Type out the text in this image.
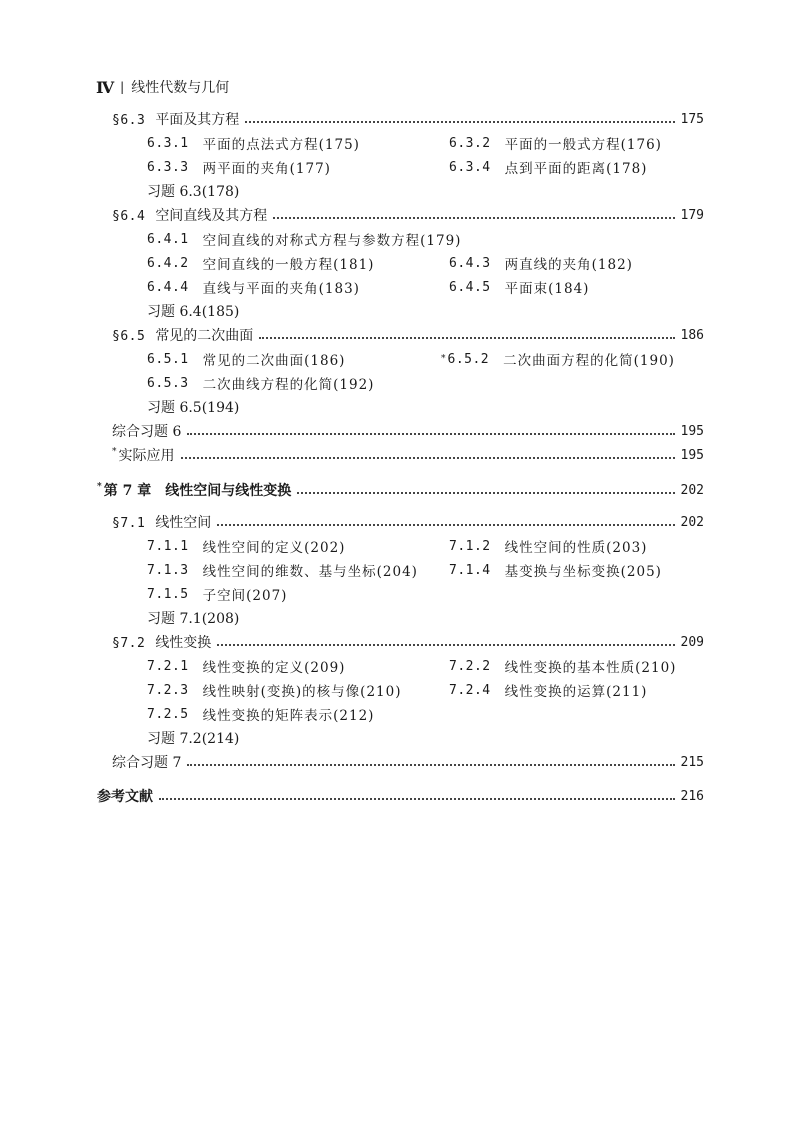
Ⅳ | 线性代数与几何
§6.3 平面及其方程	175
6.3.1 平面的点法式方程(175)	6.3.2 平面的一般式方程(176)
6.3.3 两平面的夹角(177)	6.3.4 点到平面的距离(178)
习题 6.3(178)
§6.4 空间直线及其方程	179
6.4.1 空间直线的对称式方程与参数方程(179)
6.4.2 空间直线的一般方程(181)	6.4.3 两直线的夹角(182)
6.4.4 直线与平面的夹角(183)	6.4.5 平面束(184)
习题 6.4(185)
§6.5 常见的二次曲面	186
6.5.1 常见的二次曲面(186)	* 6.5.2 二次曲面方程的化简(190)
6.5.3 二次曲线方程的化简(192)
习题 6.5(194)
综合习题 6	195
* 实际应用	195
* 第 7 章　线性空间与线性变换	202
§7.1 线性空间	202
7.1.1 线性空间的定义(202)	7.1.2 线性空间的性质(203)
7.1.3 线性空间的维数、基与坐标(204) 7.1.4 基变换与坐标变换(205)
7.1.5 子空间(207)
习题 7.1(208)
§7.2 线性变换	209
7.2.1 线性变换的定义(209)	7.2.2 线性变换的基本性质(210)
7.2.3 线性映射(变换)的核与像(210)	7.2.4 线性变换的运算(211)
7.2.5 线性变换的矩阵表示(212)
习题 7.2(214)
综合习题 7	215
参考文献	216
